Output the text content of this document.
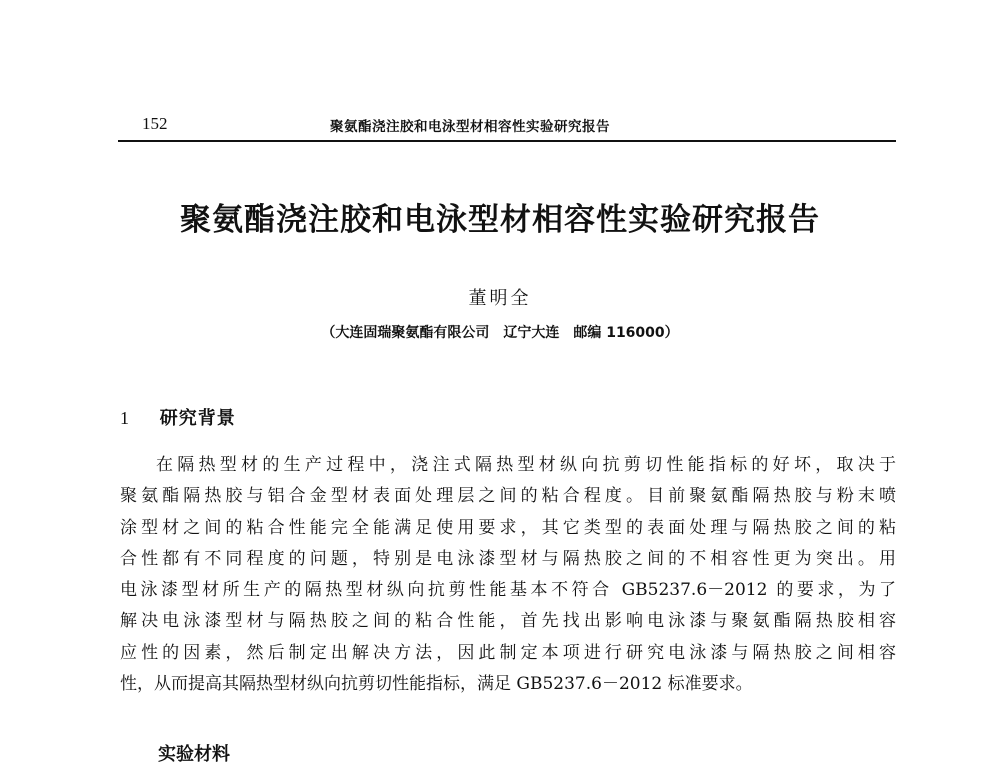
152	聚氨酯浇注胶和电泳型材相容性实验研究报告
聚氨酯浇注胶和电泳型材相容性实验研究报告
董明全
（大连固瑞聚氨酯有限公司　辽宁大连　邮编 116000）
1 研究背景
在隔热型材的生产过程中，浇注式隔热型材纵向抗剪切性能指标的好坏，取决于
聚氨酯隔热胶与铝合金型材表面处理层之间的粘合程度。目前聚氨酯隔热胶与粉末喷
涂型材之间的粘合性能完全能满足使用要求，其它类型的表面处理与隔热胶之间的粘
合性都有不同程度的问题，特别是电泳漆型材与隔热胶之间的不相容性更为突出。用
电泳漆型材所生产的隔热型材纵向抗剪性能基本不符合 GB5237.6－2012 的要求，为了
解决电泳漆型材与隔热胶之间的粘合性能，首先找出影响电泳漆与聚氨酯隔热胶相容
应性的因素，然后制定出解决方法，因此制定本项进行研究电泳漆与隔热胶之间相容
性，从而提高其隔热型材纵向抗剪切性能指标，满足 GB5237.6－2012 标准要求。
实验材料
